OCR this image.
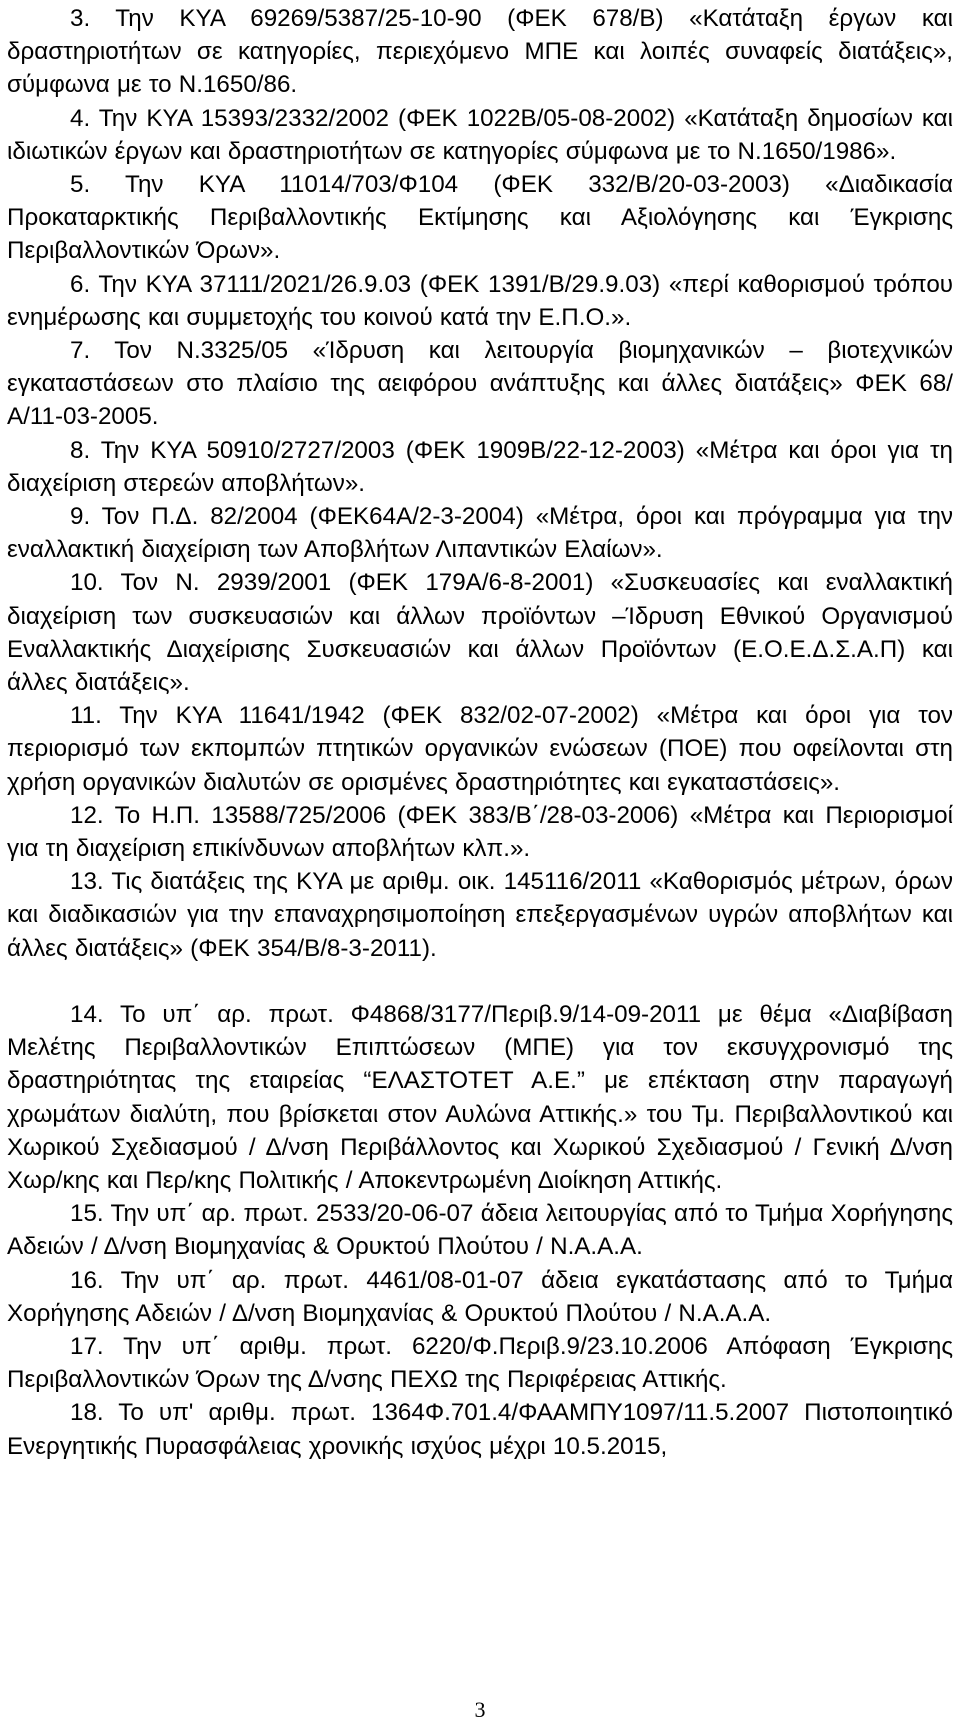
3. Την ΚΥΑ 69269/5387/25-10-90 (ΦΕΚ 678/Β) «Κατάταξη έργων και δραστηριοτήτων σε κατηγορίες, περιεχόμενο ΜΠΕ και λοιπές συναφείς διατάξεις», σύμφωνα με το Ν.1650/86.

4. Την ΚΥΑ 15393/2332/2002 (ΦΕΚ 1022Β/05-08-2002) «Κατάταξη δημοσίων και ιδιωτικών έργων και δραστηριοτήτων σε κατηγορίες σύμφωνα με το Ν.1650/1986».

5. Την ΚΥΑ 11014/703/Φ104 (ΦΕΚ 332/Β/20-03-2003) «Διαδικασία Προκαταρκτικής Περιβαλλοντικής Εκτίμησης και Αξιολόγησης και Έγκρισης Περιβαλλοντικών Όρων».

6. Την ΚΥΑ 37111/2021/26.9.03 (ΦΕΚ 1391/Β/29.9.03) «περί καθορισμού τρόπου ενημέρωσης και συμμετοχής του κοινού κατά την Ε.Π.Ο.».

7. Τον Ν.3325/05 «Ίδρυση και λειτουργία βιομηχανικών – βιοτεχνικών εγκαταστάσεων στο πλαίσιο της αειφόρου ανάπτυξης και άλλες διατάξεις» ΦΕΚ 68/Α/11-03-2005.

8. Την ΚΥΑ 50910/2727/2003 (ΦΕΚ 1909Β/22-12-2003) «Μέτρα και όροι για τη διαχείριση στερεών αποβλήτων».

9. Τον Π.Δ. 82/2004 (ΦΕΚ64Α/2-3-2004) «Μέτρα, όροι και πρόγραμμα για την εναλλακτική διαχείριση των Αποβλήτων Λιπαντικών Ελαίων».

10. Τον Ν. 2939/2001 (ΦΕΚ 179Α/6-8-2001) «Συσκευασίες και εναλλακτική διαχείριση των συσκευασιών και άλλων προϊόντων –Ίδρυση Εθνικού Οργανισμού Εναλλακτικής Διαχείρισης Συσκευασιών και άλλων Προϊόντων (Ε.Ο.Ε.Δ.Σ.Α.Π) και άλλες διατάξεις».

11. Την ΚΥΑ 11641/1942 (ΦΕΚ 832/02-07-2002) «Μέτρα και όροι για τον περιορισμό των εκπομπών πτητικών οργανικών ενώσεων (ΠΟΕ) που οφείλονται στη χρήση οργανικών διαλυτών σε ορισμένες δραστηριότητες και εγκαταστάσεις».

12. Το Η.Π. 13588/725/2006 (ΦΕΚ 383/Β΄/28-03-2006) «Μέτρα και Περιορισμοί για τη διαχείριση επικίνδυνων αποβλήτων κλπ.».

13. Τις διατάξεις της ΚΥΑ με αριθμ. οικ. 145116/2011 «Καθορισμός μέτρων, όρων και διαδικασιών για την επαναχρησιμοποίηση επεξεργασμένων υγρών αποβλήτων και άλλες διατάξεις» (ΦΕΚ 354/Β/8-3-2011).

14. Το υπ΄ αρ. πρωτ. Φ4868/3177/Περιβ.9/14-09-2011 με θέμα «Διαβίβαση Μελέτης Περιβαλλοντικών Επιπτώσεων (ΜΠΕ) για τον εκσυγχρονισμό της δραστηριότητας της εταιρείας “ΕΛΑΣΤΟΤΕΤ Α.Ε.” με επέκταση στην παραγωγή χρωμάτων διαλύτη, που βρίσκεται στον Αυλώνα Αττικής.» του Τμ. Περιβαλλοντικού και Χωρικού Σχεδιασμού / Δ/νση Περιβάλλοντος και Χωρικού Σχεδιασμού / Γενική Δ/νση Χωρ/κης και Περ/κης Πολιτικής / Αποκεντρωμένη Διοίκηση Αττικής.

15. Την υπ΄ αρ. πρωτ. 2533/20-06-07 άδεια λειτουργίας από το Τμήμα Χορήγησης Αδειών / Δ/νση Βιομηχανίας & Ορυκτού Πλούτου / Ν.Α.Α.Α.

16. Την υπ΄ αρ. πρωτ. 4461/08-01-07 άδεια εγκατάστασης από το Τμήμα Χορήγησης Αδειών / Δ/νση Βιομηχανίας & Ορυκτού Πλούτου / Ν.Α.Α.Α.

17. Την υπ΄ αριθμ. πρωτ. 6220/Φ.Περιβ.9/23.10.2006 Απόφαση Έγκρισης Περιβαλλοντικών Όρων της Δ/νσης ΠΕΧΩ της Περιφέρειας Αττικής.

18. Το υπ' αριθμ. πρωτ. 1364Φ.701.4/ΦΑΑΜΠΥ1097/11.5.2007 Πιστοποιητικό Ενεργητικής Πυρασφάλειας χρονικής ισχύος μέχρι 10.5.2015,

3
